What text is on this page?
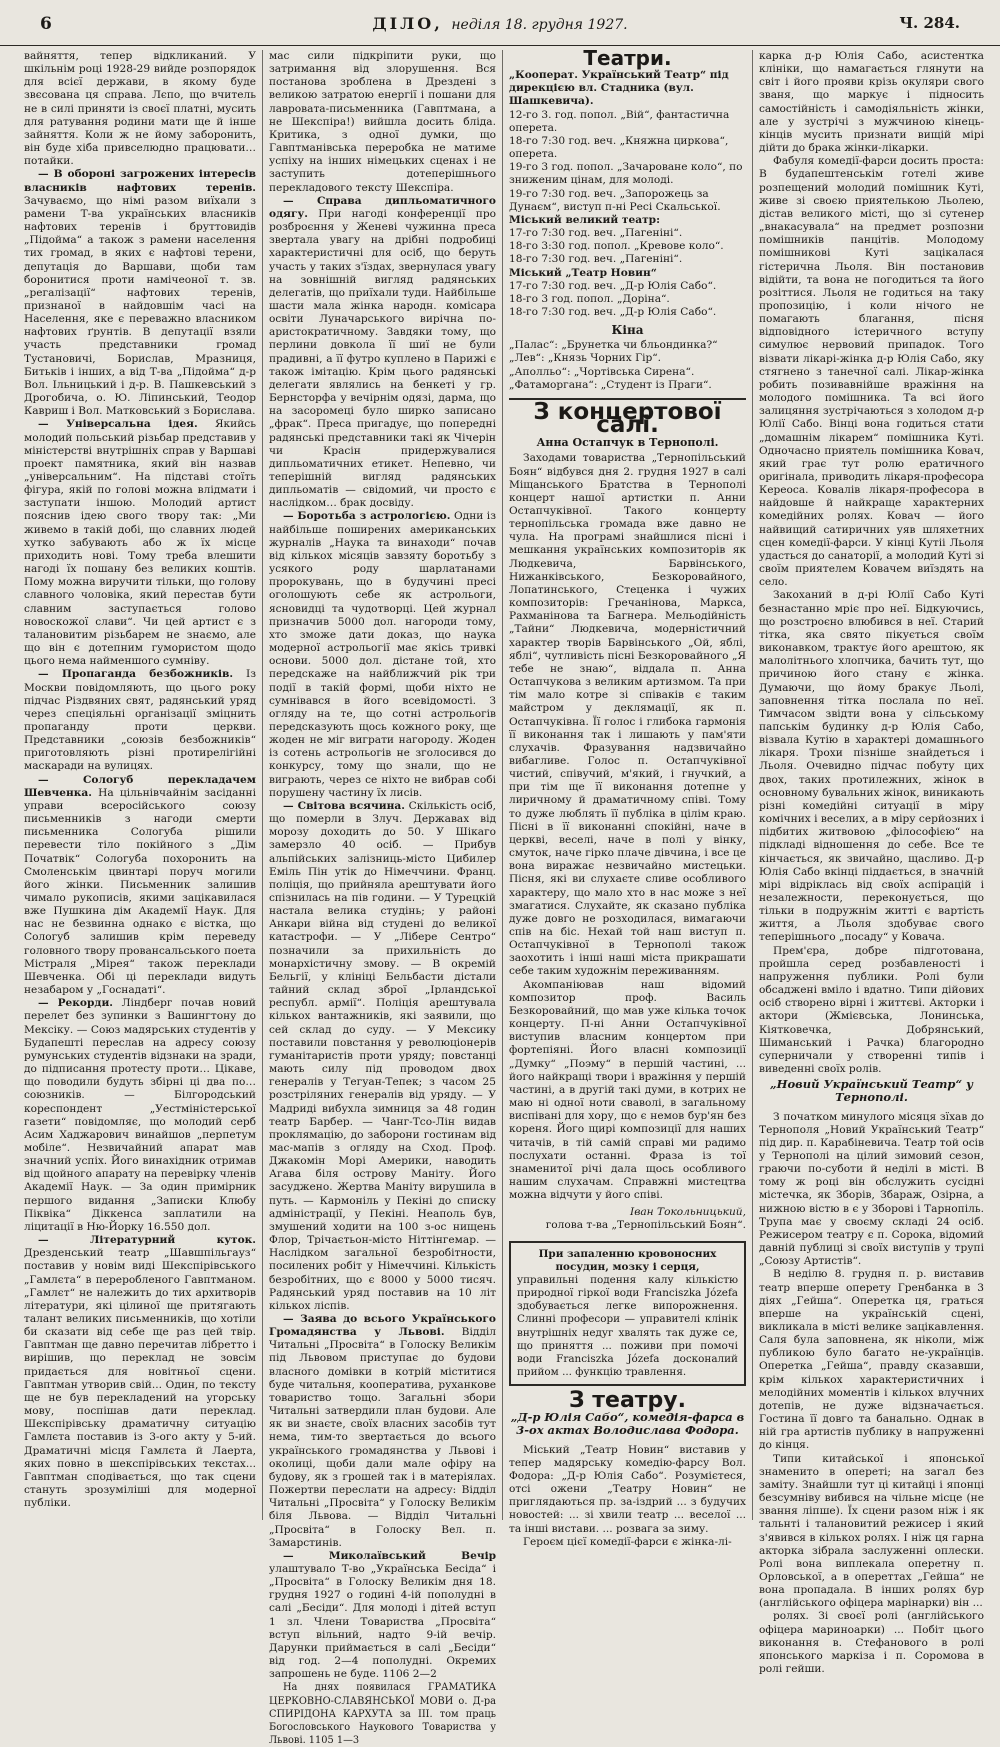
6	ДІЛО, неділя 18. грудня 1927.	Ч. 284.

вайняття, тепер відкликаний. У шкільнім році 1928-29 вийде розпорядок для всієї держави, в якому буде звєсована ця справа. Лєпо, що вчитель не в силі приняти із своєї платні, мусить для ратування родини мати ще й інше зайняття. Коли ж не йому заборонить, він буде хіба привселюдно працювати… потайки.

— В обороні загрожених інтересів власників нафтових терeнів. Зачуваємо, що німі разом виїхали з рамени Т-ва українських власників нафтових терeнів і бруттовидів „Підойма“ а також з рамени населення тих громад, в яких є нафтові терени, депутація до Варшави, щоби там боронитися проти намічеоної т. зв. „регалізації“ нафтових терeнів, признаної в найдовшім часі на Населення, яке є переважно власником нафтових ґрунтів. В депутації взяли участь представники громад Тустановичі, Борислав, Мразниця, Битьків і інших, а від Т-ва „Підойма“ д-р Вол. Ільницький і д-р. В. Пашкевський з Дрогобича, о. Ю. Ліпинський, Теодор Кавриш і Вол. Матковський з Борислава.

— Універсальна ідея. Якийсь молодий польський різьбар представив у міністерстві внутрішніх справ у Варшаві проект памятника, який він назвав „універсальним“. На підставі стоїть фігура, якій по голові можна влідмати і заступати іншою. Молодий артист пояснив ідею свого твору так: „Ми живемо в такій добі, що славних людей хутко забувають або ж їх місце приходить нові. Тому треба влешити нагоді їх пошану без великих коштів. Пому можна виручити тільки, що голову славного чоловіка, який перестав бути славним заступається голово новоскожої слави“. Чи цей артист є з талановитим різьбарем не знаємо, але що він є дотепним гумористом щодо цього нема найменшого сумніву.

— Пропаганда безбожників. Із Москви повідомляють, що цього року підчас Різдвяних свят, радянський уряд через спеціяльні організації зміцнить пропаганду проти церкви. Представники „союзів безбожників“ приготовляють різні протирелігійні маскаради на вулицях.

— Сологуб перекладачем Шевченка. На цільнівчайнім засіданні управи всеросійського союзу письменників з нагоди смерти письменника Сологуба рішили перевести тіло покійного з „Дім Початвік“ Сологуба похоронить на Смоленськім цвинтарі поруч могили його жінки. Письменник залишив чимало рукописів, якими зацікавилася вже Пушкина дім Академії Наук. Для нас не безвинна однако є вістка, що Сологуб залишив крім переведу головного твору провансальського поета Містраля „Мірея“ також переклади Шевченка. Обі ці переклади видуть незабаром у „Госнадаті“.

— Рекорди. Ліндберг почав новий перелет без зупинки з Вашингтону до Мексіку. — Союз мадярських студентів у Будапешті переслав на адресу союзу румунських студентів відзнаки на зради, до підписання протесту проти… Цікаве, що поводили будуть збірні ці два по… союзників. — Білгородський кореспондент „Уестміністерської газети“ повідомляє, що молодий серб Асим Хаджарович винайшов „перпетум мобіле“. Незвичайний апарат мав значний успіх. Його винахідник отримав від щойного апарату на перевірку членів Академії Наук. — За один примірник першого видання „Записки Клюбу Піквіка“ Діккенса заплатили на ліцитації в Ню-Йорку 16.550 дол.

— Літературний куток. Дрезденський театр „Шавшпільгауз“ поставив у новім виді Шекспірівського „Гамлєта“ в переробленого Гавптманом. „Гамлєт“ не належить до тих архитворів літератури, які цілиної ще притягають талант великих письменників, що хотіли би сказати від себе ще раз цей твір. Гавптман ще давно перечитав лібретто і вирішив, що переклад не зовсім придається для новітньої сцени. Гавптман утворив свій... Один, по тексту ще не був перекладений на угорську мову, поспішав дати переклад. Шекспірівську драматичну ситуацію Гамлєта поставив із 3-ого акту у 5-ий. Драматичні місця Гамлєта й Лаерта, яких повно в шекспірівських текстах... Гавптман сподівається, що так сцени стануть зрозуміліші для модерної публіки.

мас сили підкріпити руки, що затримання від злорушення. Вся постанова зроблена в Дрездені з великою затратою енергії і пошани для лавровата-письменника (Гавптмана, а не Шекспіра!) вийшла досить бліда. Критика, з одної думки, що Гавптманівська переробка не матиме успіху на інших німецьких сценах і не заступить дотеперішнього перекладового тексту Шекспіра.

— Справа дипльоматичного одягу. При нагоді конференції про розброєння у Женеві чужинна преса звертала увагу на дрібні подробиці характеристичні для осіб, що беруть участь у таких з'їздах, звернулася увагу на зовнішній вигляд радянських делегатів, що приїхали туди. Найбільше шасти мала жінка народн. комісара освіти Луначарського вирічна по-аристократичному. Завдяки тому, що перлини довкола її шиї не були прадивні, а її футро куплено в Парижі є також імітацію. Крім цього радянські делегати являлись на бенкеті у гр. Бернсторфа у вечірнім одязі, дарма, що на засоромеці було ширко записано „фрак“. Преса пригадує, що попередні радянські представники такі як Чічерін чи Красін придержувалися дипльоматичних етикет. Непевно, чи теперішній вигляд радянських дипльоматів — свідомий, чи просто є наслідком… брак досвіду.

— Боротьба з астрологією. Одни із найбільше поширених американських журналів „Наука та винаходи“ почав від кількох місяців завзяту боротьбу з усякого роду шарлатанами пророкувань, що в будучині пресі оголошують себе як астрольоги, ясновидці та чудотворці. Цей журнал призначив 5000 дол. нагороди тому, хто зможе дати доказ, що наука модерної астрольогії має якісь тривкі основи. 5000 дол. дістане той, хто передскаже на найближчий рік три події в такій формі, щоби ніхто не сумнівався в його всевідомості. З огляду на те, що сотні астрольогів передсказують щось кожного року, ще жоден не міг виграти нагороду. Жоден із сотень астрольогів не зголосився до конкурсу, тому що знали, що не виграють, через се ніхто не вибрав собі порушену частину їх лисів.

— Світова всячина. Скількість осіб, що померли в Злуч. Державах від морозу доходить до 50. У Шікаго замерзло 40 осіб. — Прибув альпійських залізниць-місто Цибилер Еміль Пін утік до Німеччини. Франц. поліція, що прийняла арештувати його спізнилась на пів години. — У Турецкій настала велика студінь; у районі Анкари війна від студені до великої катастрофи. — У „Лібере Сентро“ позначили за прихильність до монархістичну змову. — В окремій Бельгії, у клініці Бельбасти дістали тайний склад зброї „Ірландської республ. армії“. Поліція арештувала кількох вантажників, які заявили, що сей склад до суду. — У Мексику поставили повстання у революціонерів гуманітаристів проти уряду; повстанці мають силу під проводом двох генералів у Тегуан-Тепек; з часом 25 розстріляних генералів від уряду. — У Мадриді вибухла зимниця за 48 годин театр Барбер. — Чанг-Тсо-Лін видав проклямацію, до заборони гостинам від мас-мапів з огляду на Сход. Проф. Джакомін Морі Америки, наводить Агава біля острову Маніту. Його засуджено. Жертва Маніту вирушила в путь. — Кармоніль у Пекіні до списку адміністрації, у Пекіні. Неаполь був, змушений ходити на 100 з-ос нищень Флор, Трічаєтьон-місто Ніттінгемар. — Наслідком загальної безробітности, посилених робіт у Німеччині. Кількість безробітних, що є 8000 у 5000 тисяч. Радянський уряд поставив на 10 літ кількох ліспів.

— Заява до всього Українського Громадянства у Львові. Відділ Читальні „Просвіта“ в Голоску Великім під Львовом приступає до будови власного домівки в котрій міститися буде читальня, кооператива, руханкове товариство тощо. Загальні збори Читальні затвердили план будови. Але як ви знаєте, своїх власних засобів тут нема, тим-то звертається до всього українського громадянства у Львові і околиці, щоби дали мале офіру на будову, як з грошей так і в матеріялах. Пожертви переслати на адресу: Відділ Читальні „Просвіта“ у Голоску Великім біля Львова. — Відділ Читальні „Просвіта“ в Голоску Вел. п. Замарстинів.

— Миколаївський Вечір улаштувало Т-во „Українська Бесіда“ і „Просвіта“ в Голоску Великім дня 18. грудня 1927 о годині 4-ій пополудні в салі „Бесіди“. Для молоді і дітей вступ 1 зл. Члени Товариства „Просвіта“ вступ вільний, надто 9-ій вечір. Дарунки приймається в салі „Бесіди“ від год. 2—4 пополудні. Окремих запрошень не буде. 1106 2—2

На днях появилася ГРАМАТИКА ЦЕРКОВНО-СЛАВЯНСЬКОЇ МОВИ о. Д-ра СПИРІДОНА КАРХУТА за III. том праць Богословського Наукового Товариства у Львові. 1105 1—3

Театри.

„Кооперат. Український Театр“ під дирекцією вл. Стадника (вул. Шашкевича).

12-го 3. год. попол. „Вій“, фантастична оперета.

18-го 7:30 год. веч. „Княжна циркова“, оперета.

19-го 3 год. попол. „Зачароване коло“, по зниженим цінам, для молоді.

19-го 7:30 год. веч. „Запорожець за Дунаєм“, виступ п-ні Ресі Скальської.

Міський великий театр:

17-го 7:30 год. веч. „Пагеніні“.

18-го 3:30 год. попол. „Кревове коло“.

18-го 7:30 год. веч. „Пагеніні“.

Міський „Театр Новин“

17-го 7:30 год. веч. „Д-р Юлія Сабо“.

18-го 3 год. попол. „Доріна“.

18-го 7:30 год. веч. „Д-р Юлія Сабо“.

Кіна

„Палас“: „Брунетка чи бльондинка?“

„Лев“: „Князь Чорних Гір“.

„Аполльо“: „Чортівська Сирена“.

„Фатаморгана“: „Студент із Праги“.

З концертової салі.
Анна Остапчук в Тернополі.

Заходами товариства „Тернопільський Боян“ відбувся дня 2. грудня 1927 в салі Міщанського Братства в Тернополі концерт нашої артистки п. Анни Остапчуківної. Такого концерту тернопільська громада вже давно не чула. На програмі знайшлися пісні і мешкання українських композиторів як Людкевича, Барвінського, Нижанківського, Безкоровайного, Лопатинського, Стеценка і чужих композиторів: Гречанінова, Маркса, Рахманінова та Багнера. Мельодійність „Тайни“ Людкевича, модерністичний характер творів Барвінського „Ой, яблі, яблі“, чутливість пісні Безкоровайного „Я тебе не знаю“, віддала п. Анна Остапчукова з великим артизмом. Та при тім мало котре зі співаків є таким майстром у деклямації, як п. Остапчуківна. Її голос і глибока гармонія її виконання так і лишають у пам'яти слухачів. Фразування надзвичайно вибагливе. Голос п. Остапчуківної чистий, співучий, м'який, і гнучкий, а при тім ще її виконання дотепне у лиричному й драматичному співі. Тому то дуже люблять її публіка в цілім краю. Пісні в її виконанні спокійні, наче в церкві, веселі, наче в полі у вінку, смуток, наче гірко плаче дівчина, і все це вона виражає незвичайно мистецьки. Пісня, які ви слухаєте сливе особливого характеру, що мало хто в нас може з неї змагатися. Слухайте, як сказано публіка дуже довго не розходилася, вимагаючи спів на біс. Нехай той наш виступ п. Остапчуківної в Тернополі також заохотить і інші наші міста прикрашати себе таким художнім переживанням.

Акомпаніював наш відомий композитор проф. Василь Безкоровайний, що мав уже кілька точок концерту. П-ні Анни Остапчуківної виступив власним концертом при фортепіяні. Його власні композиції „Думку“ „Поэму“ в першій частині, ... його найкращі твори і вражіння у першій частині, а в другій такі думи, в котрих не маю ні одної ноти сваволі, в загальному виспівані для хору, що є немов бур'ян без кореня. Його щирі композиції для наших читачів, в тій самій справі ми радимо послухати останні. Фраза із тої знаменитої річі дала щось особливого нашим слухачам. Справжні мистецтва можна відчути у його співі.

Іван Токольницький,
голова т-ва „Тернопільський Боян“.

При запаленню кровоносних посудин, мозку і серця,

управильні подення калу кількістю природної гіркої води Franciszka Józefa здобувається легке випорожнення. Слинні професори — управителі клінік внутрішніх недуг хвалять так дуже се, що приняття ... поживи при помочі води Franciszka Józefa досконалий прийом ... функцію травлення.

З театру.
„Д-р Юлія Сабо“, комедія-фарса в 3-ох актах Володислава Фодора.

Міський „Театр Новин“ виставив у тепер мадярську комедію-фарсу Вол. Фодора: „Д-р Юлія Сабо“. Розумієтеся, отсі ожени „Театру Новин“ не приглядаються пр. за-іздрий ... з будучих новостей: ... зі хвили театр ... веселої ... та інші вистави. ... розвага за зиму.

Героєм цієї комедії-фарси є жінка-лі-

карка д-р Юлія Сабо, асистентка клініки, що намагається глянути на світ і його прояви крізь окуляри свого званя, що маркує і підносить самостійність і самодіяльність жінки, але у зустрічі з мужчиною кінець-кінців мусить признати вищій мірі дійти до брака жінки-лікарки.

Фабуля комедії-фарси досить проста: В будапештенськім готелі живе розпещений молодий помішник Куті, живе зі своєю приятелькою Льолею, дістав великого місті, що зі сутенер „внакасувала“ на предмет розпозни помішників панцітів. Молодому помішникові Куті зацікалася гістерична Льоля. Він постановив відійти, та вона не погодиться та його розіттися. Льоля не годиться на таку пропозицію, і коли нічого не помагають благання, пісня відповідного істеричного вступу симулює нервовий припадок. Того візвати лікарі-жінка д-р Юлія Сабо, яку стягнено з танечної салі. Лікар-жінка робить позивавнійше вражіння на молодого помішника. Та всі його залицяння зустрічаються з холодом д-р Юлії Сабо. Вінці вона годиться стати „домашнім лікарем“ помішника Куті. Одночасно приятель помішника Ковач, який грає тут ролю ератичного оригінала, приводить лікаря-професора Кереоса. Ковалів лікаря-професора в найдовше й найкраще характерних комедійних ролях. Ковач — його найвищий сатиричних уяв шляхетних сцен комедії-фарси. У кінці Кутіі Льоля удасться до санаторії, а молодий Куті зі своїм приятелем Ковачем виїздять на село.

Закоханий в д-рі Юлії Сабо Куті безнастанно мріє про неї. Бідкуючись, що розстроєно влюбився в неї. Старий тітка, яка свято пікується своїм виконавком, трактує його арештою, як малолітнього хлопчика, бачить тут, що причиною його стану є жінка. Думаючи, що йому бракує Льолі, заповнення тітка послала по неї. Тимчасом звідти вона у сільському папськім будинку д-р Юлія Сабо, візвала Кутію в характері домашнього лікаря. Трохи пізніше знайдеться і Льоля. Очевидно підчас побуту цих двох, таких протилежних, жінок в основному бувальних жінок, виникають різні комедійні ситуації в міру комічних і веселих, а в міру серйозних і підбитих житвовою „філософією“ на підкладі відношення до себе. Все те кінчається, як звичайно, щасливо. Д-р Юлія Сабо вкінці піддається, в значній мірі відріклась від своїх аспірацій і незалежности, переконується, що тільки в подружнім житті є вартість життя, а Льоля здобуває свого теперішнього „посаду“ у Ковача.

Прем'єра, добре підготована, пройшла серед розбавленості і напруження публики. Ролі були обсаджені вміло і вдатно. Типи дійових осіб створено вірні і життєві. Акторки і актори (Жмієвська, Лонинська, Кіятковечка, Добрянський, Шиманський і Рачка) благородно суперничали у створенні типів і виведенні своїх ролів.

„Новий Український Театр“ у Тернополі.

З початком минулого місяця зїхав до Тернополя „Новий Український Театр“ під дир. п. Карабіневича. Театр той осів у Тернополі на цілий зимовий сезон, граючи по-суботи й неділі в місті. В тому ж році він обслужить сусідні містечка, як Зборів, Збараж, Озірна, а нижною вістю в є у Зборові і Тарнопіль. Трупа має у своєму складі 24 осіб. Режисером театру є п. Сорока, відомий давній публиці зі своїх виступів у трупі „Союзу Артистів“.

В неділю 8. грудня п. р. виставив театр вперше оперету Гренбанка в 3 діях „Гейша“. Оперетка ця, граться вперше на українській сцені, викликала в місті велике зацікавлення. Саля була заповнена, як ніколи, між публикою було багато не-українців. Оперетка „Гейша“, правду сказавши, крім кількох характеристичних і мелодійних моментів і кількох влучних дотепів, не дуже відзначається. Гостина її довго та банально. Однак в ній гра артистів публику в напруженні до кінця.

Типи китайської і японської знаменито в опереті; на загал без заміту. Знайшли тут ці китайці і японці безсумніву вибився на чільне місце (не звання ліпше). Їх сцени разом ніж і як тальнті і талановитий режисер і який з'явився в кількох ролях. І ніж ця гарна акторка зібрала заслуженні оплески. Ролі вона виплекала оперетну п. Орловської, а в опереттах „Гейша“ не вона пропадала. В інших ролях бур (англійського офіцера марінарки) він ...

ролях. Зі своєї ролі (англійського офіцера мариноарки) ... Побіт цього виконання в. Стефанового в ролі японського маркіза і п. Соромова в ролі гейши.
